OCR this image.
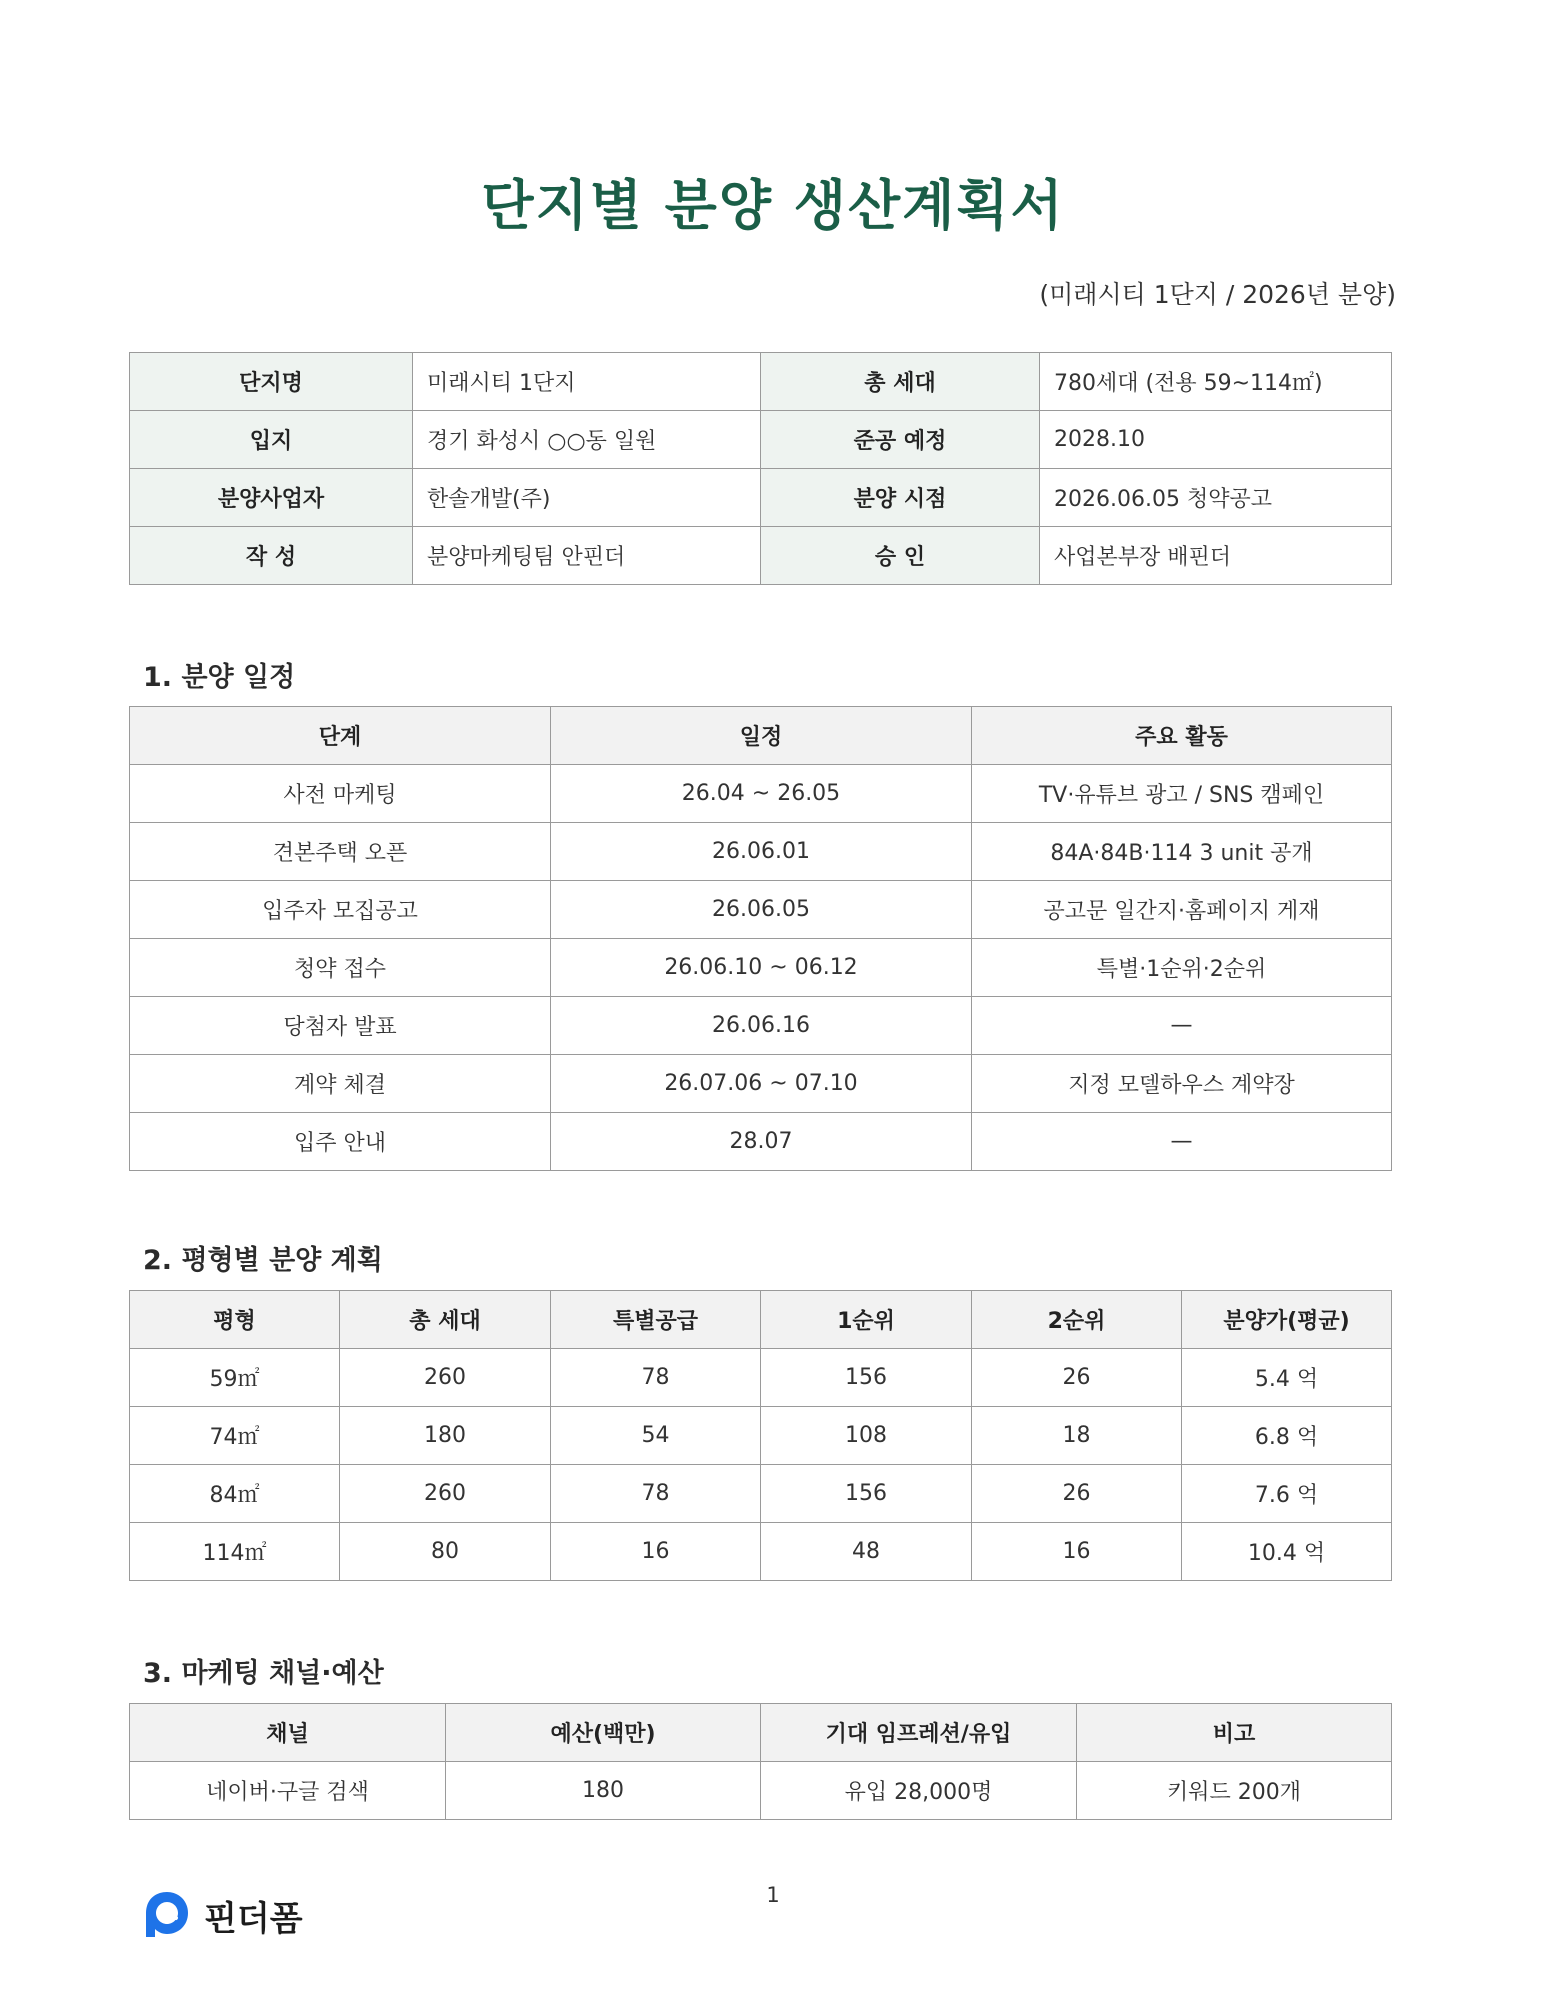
단지별 분양 생산계획서
(미래시티 1단지 / 2026년 분양)
단지명	미래시티 1단지	총 세대	780세대 (전용 59~114㎡)
입지	경기 화성시 ○○동 일원	준공 예정	2028.10
분양사업자	한솔개발(주)	분양 시점	2026.06.05 청약공고
작 성	분양마케팅팀 안핀더	승 인	사업본부장 배핀더
1. 분양 일정
단계	일정	주요 활동
사전 마케팅	26.04 ~ 26.05	TV·유튜브 광고 / SNS 캠페인
견본주택 오픈	26.06.01	84A·84B·114 3 unit 공개
입주자 모집공고	26.06.05	공고문 일간지·홈페이지 게재
청약 접수	26.06.10 ~ 06.12	특별·1순위·2순위
당첨자 발표	26.06.16	—
계약 체결	26.07.06 ~ 07.10	지정 모델하우스 계약장
입주 안내	28.07	—
2. 평형별 분양 계획
평형	총 세대	특별공급	1순위	2순위	분양가(평균)
59㎡	260	78	156	26	5.4 억
74㎡	180	54	108	18	6.8 억
84㎡	260	78	156	26	7.6 억
114㎡	80	16	48	16	10.4 억
3. 마케팅 채널·예산
채널	예산(백만)	기대 임프레션/유입	비고
네이버·구글 검색	180	유입 28,000명	키워드 200개
핀더폼
1
